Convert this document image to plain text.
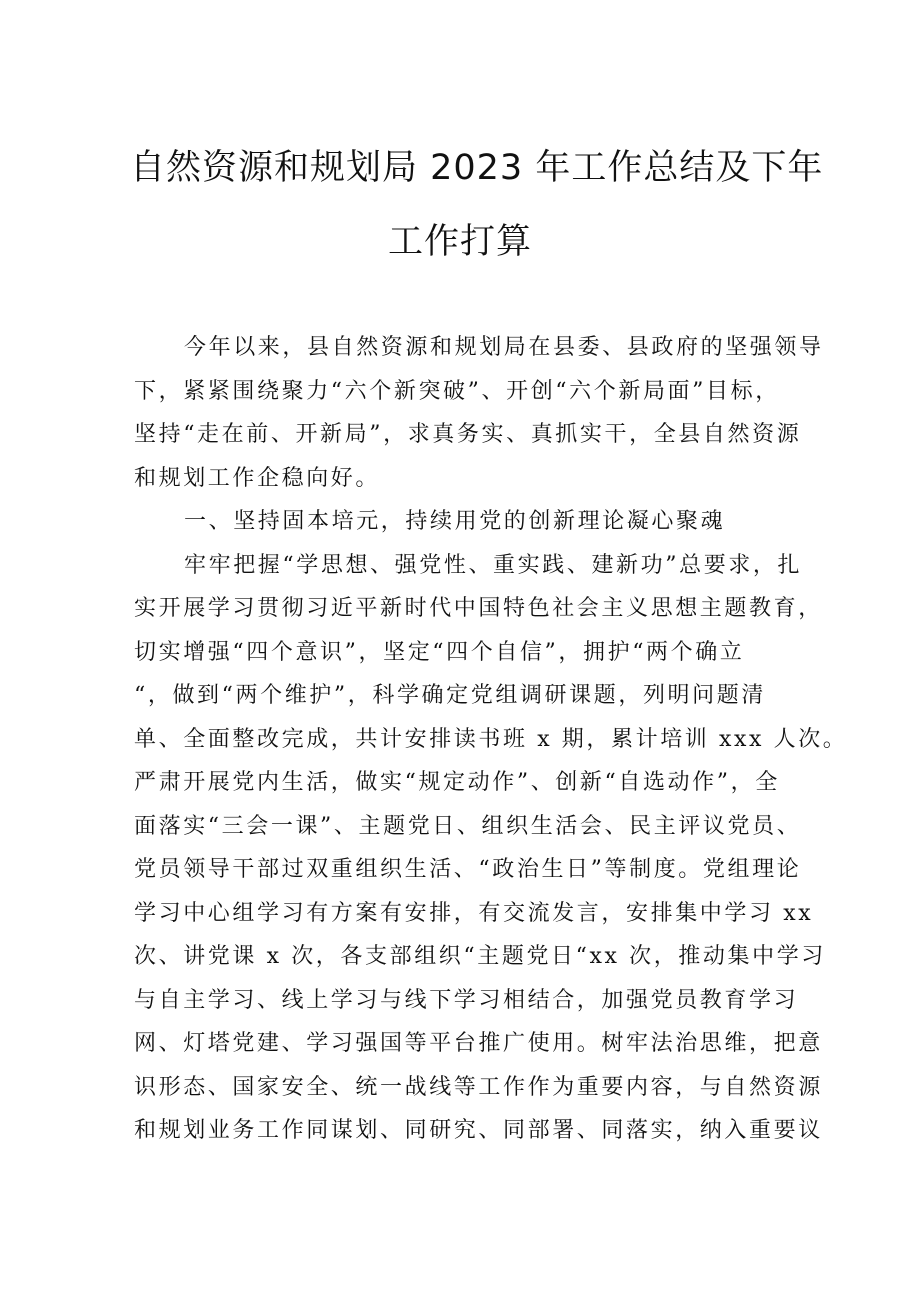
自然资源和规划局 2023 年工作总结及下年
工作打算
今年以来，县自然资源和规划局在县委、县政府的坚强领导
下，紧紧围绕聚力“六个新突破”、开创“六个新局面”目标，
坚持“走在前、开新局”，求真务实、真抓实干，全县自然资源
和规划工作企稳向好。
一、坚持固本培元，持续用党的创新理论凝心聚魂
牢牢把握“学思想、强党性、重实践、建新功”总要求，扎
实开展学习贯彻习近平新时代中国特色社会主义思想主题教育，
切实增强“四个意识”，坚定“四个自信”，拥护“两个确立
“，做到“两个维护”，科学确定党组调研课题，列明问题清
单、全面整改完成，共计安排读书班 x 期，累计培训 xxx 人次。
严肃开展党内生活，做实“规定动作”、创新“自选动作”，全
面落实“三会一课”、主题党日、组织生活会、民主评议党员、
党员领导干部过双重组织生活、“政治生日”等制度。党组理论
学习中心组学习有方案有安排，有交流发言，安排集中学习 xx
次、讲党课 x 次，各支部组织“主题党日“xx 次，推动集中学习
与自主学习、线上学习与线下学习相结合，加强党员教育学习
网、灯塔党建、学习强国等平台推广使用。树牢法治思维，把意
识形态、国家安全、统一战线等工作作为重要内容，与自然资源
和规划业务工作同谋划、同研究、同部署、同落实，纳入重要议
